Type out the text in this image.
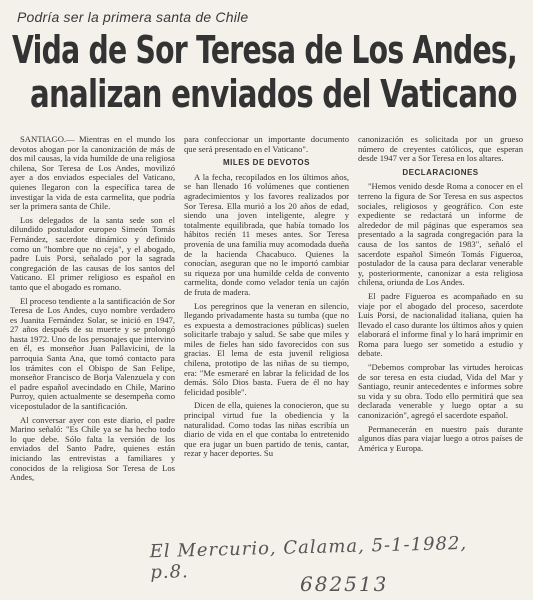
Podría ser la primera santa de Chile
Vida de Sor Teresa de Los Andes,
analizan enviados del Vaticano

SANTIAGO.— Mientras en el mundo los devotos abogan por la canonización de más de dos mil causas, la vida humilde de una religiosa chilena, Sor Teresa de Los Andes, movilizó ayer a dos enviados especiales del Vaticano, quienes llegaron con la específica tarea de investigar la vida de esta carmelita, que podría ser la primera santa de Chile.

Los delegados de la santa sede son el dilundido postulador europeo Simeón Tomás Fernández, sacerdote dinámico y definido como un "hombre que no ceja", y el abogado, padre Luis Porsi, señalado por la sagrada congregación de las causas de los santos del Vaticano. El primer religioso es español en tanto que el abogado es romano.

El proceso tendiente a la santificación de Sor Teresa de Los Andes, cuyo nombre verdadero es Juanita Fernández Solar, se inició en 1947, 27 años después de su muerte y se prolongó hasta 1972. Uno de los personajes que intervino en él, es monseñor Juan Pallavicini, de la parroquia Santa Ana, que tomó contacto para los trámites con el Obispo de San Felipe, monseñor Francisco de Borja Valenzuela y con el padre español avecindado en Chile, Marino Purroy, quien actualmente se desempeña como vicepostulador de la santificación.

Al conversar ayer con este diario, el padre Marino señaló: "Es Chile ya se ha hecho todo lo que debe. Sólo falta la versión de los enviados del Santo Padre, quienes están iniciando las entrevistas a familiares y conocidos de la religiosa Sor Teresa de Los Andes,

para confeccionar un importante documento que será presentado en el Vaticano".

MILES DE DEVOTOS

A la fecha, recopilados en los últimos años, se han llenado 16 volúmenes que contienen agradecimientos y los favores realizados por Sor Teresa. Ella murió a los 20 años de edad, siendo una joven inteligente, alegre y totalmente equilibrada, que había tomado los hábitos recién 11 meses antes. Sor Teresa provenía de una familia muy acomodada dueña de la hacienda Chacabuco. Quienes la conocían, aseguran que no le importó cambiar su riqueza por una humilde celda de convento carmelita, donde como velador tenía un cajón de fruta de madera.

Los peregrinos que la veneran en silencio, llegando privadamente hasta su tumba (que no es expuesta a demostraciones públicas) suelen solicitarle trabajo y salud. Se sabe que miles y miles de fieles han sido favorecidos con sus gracias. El lema de esta juvenil religiosa chilena, prototipo de las niñas de su tiempo, era: "Me esmeraré en labrar la felicidad de los demás. Sólo Dios basta. Fuera de él no hay felicidad posible".

Dicen de ella, quienes la conocieron, que su principal virtud fue la obediencia y la naturalidad. Como todas las niñas escribía un diario de vida en el que contaba lo entretenido que era jugar un buen partido de tenis, cantar, rezar y hacer deportes. Su

canonización es solicitada por un grueso número de creyentes católicos, que esperan desde 1947 ver a Sor Teresa en los altares.

DECLARACIONES

"Hemos venido desde Roma a conocer en el terreno la figura de Sor Teresa en sus aspectos sociales, religiosos y geográfico. Con este expediente se redactará un informe de alrededor de mil páginas que esperamos sea presentado a la sagrada congregación para la causa de los santos de 1983", señaló el sacerdote español Simeón Tomás Figueroa, postulador de la causa para declarar venerable y, posteriormente, canonizar a esta religiosa chilena, oriunda de Los Andes.

El padre Figueroa es acompañado en su viaje por el abogado del proceso, sacerdote Luis Porsi, de nacionalidad italiana, quien ha llevado el caso durante los últimos años y quien elaborará el informe final y lo hará imprimir en Roma para luego ser sometido a estudio y debate.

"Debemos comprobar las virtudes heroicas de sor teresa en esta ciudad, Vida del Mar y Santiago, reunir antecedentes e informes sobre su vida y su obra. Todo ello permitirá que sea declarada venerable y luego optar a su canonización", agregó el sacerdote español.

Permanecerán en nuestro país durante algunos días para viajar luego a otros países de América y Europa.

El Mercurio, Calama, 5-1-1982, p.8.	682513
